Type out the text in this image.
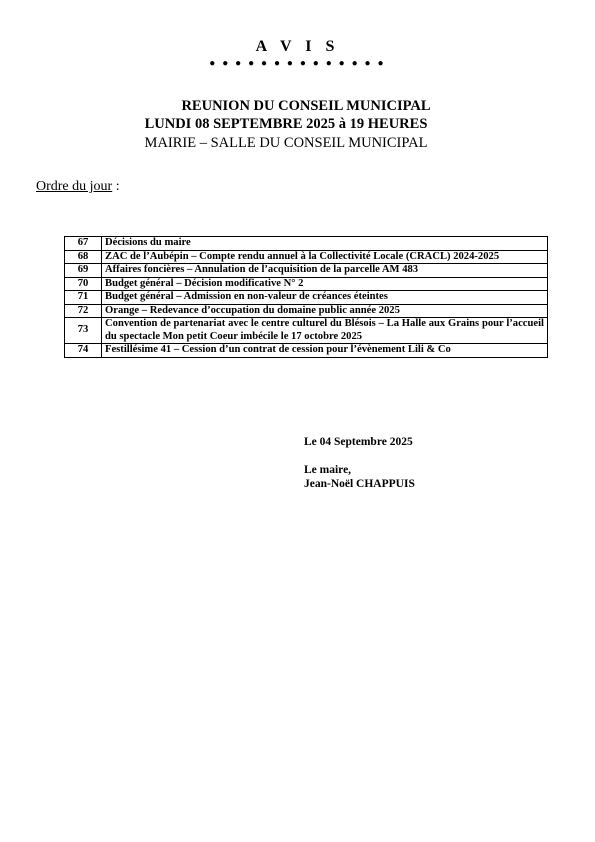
A V I S
● ● ● ● ● ● ● ● ● ● ● ● ● ●
REUNION DU CONSEIL MUNICIPAL
LUNDI 08 SEPTEMBRE 2025 à 19 HEURES
MAIRIE – SALLE DU CONSEIL MUNICIPAL
Ordre du jour :
67	Décisions du maire
68	ZAC de l’Aubépin – Compte rendu annuel à la Collectivité Locale (CRACL) 2024-2025
69	Affaires foncières – Annulation de l’acquisition de la parcelle AM 483
70	Budget général – Décision modificative N° 2
71	Budget général – Admission en non-valeur de créances éteintes
72	Orange – Redevance d’occupation du domaine public année 2025
73	Convention de partenariat avec le centre culturel du Blésois – La Halle aux Grains pour l’accueil du spectacle Mon petit Coeur imbécile le 17 octobre 2025
74	Festillésime 41 – Cession d’un contrat de cession pour l’évènement Lili & Co
Le 04 Septembre 2025
Le maire,
Jean-Noël CHAPPUIS
